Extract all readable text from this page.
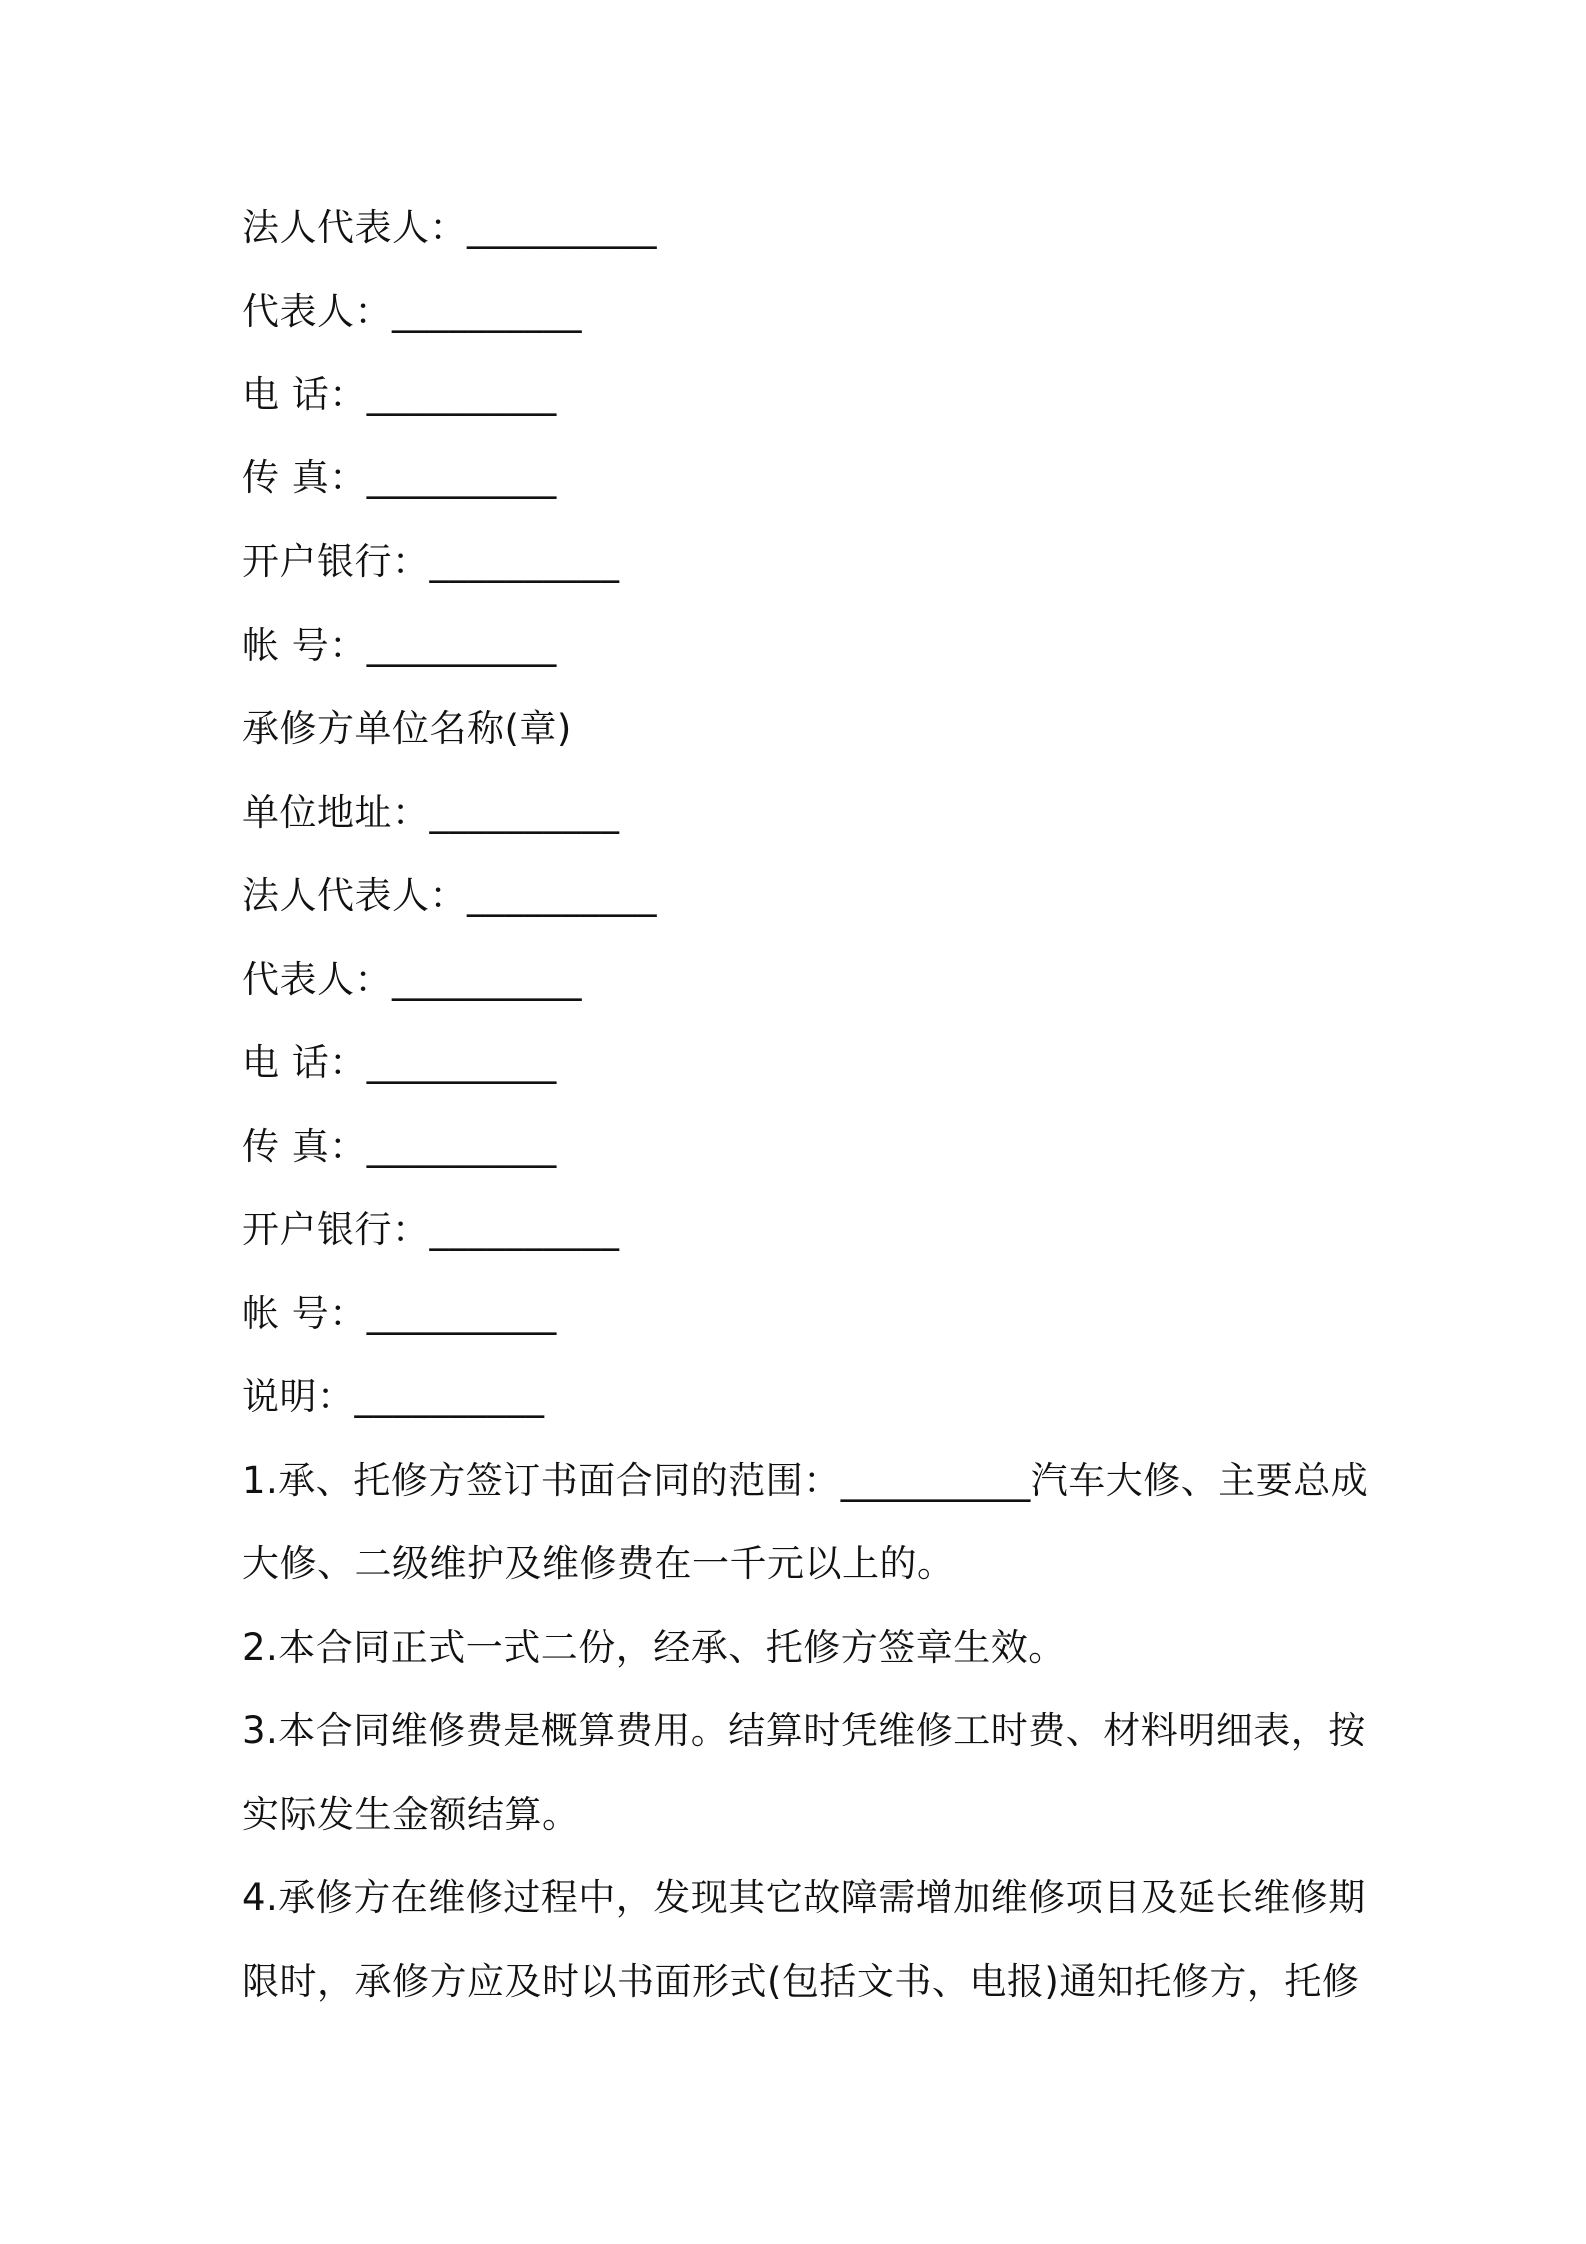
法人代表人：__________
代表人：__________
电 话：__________
传 真：__________
开户银行：__________
帐 号：__________
承修方单位名称(章)
单位地址：__________
法人代表人：__________
代表人：__________
电 话：__________
传 真：__________
开户银行：__________
帐 号：__________
说明：__________
1.承、托修方签订书面合同的范围：__________汽车大修、主要总成
大修、二级维护及维修费在一千元以上的。
2.本合同正式一式二份，经承、托修方签章生效。
3.本合同维修费是概算费用。结算时凭维修工时费、材料明细表，按
实际发生金额结算。
4.承修方在维修过程中，发现其它故障需增加维修项目及延长维修期
限时，承修方应及时以书面形式(包括文书、电报)通知托修方，托修
